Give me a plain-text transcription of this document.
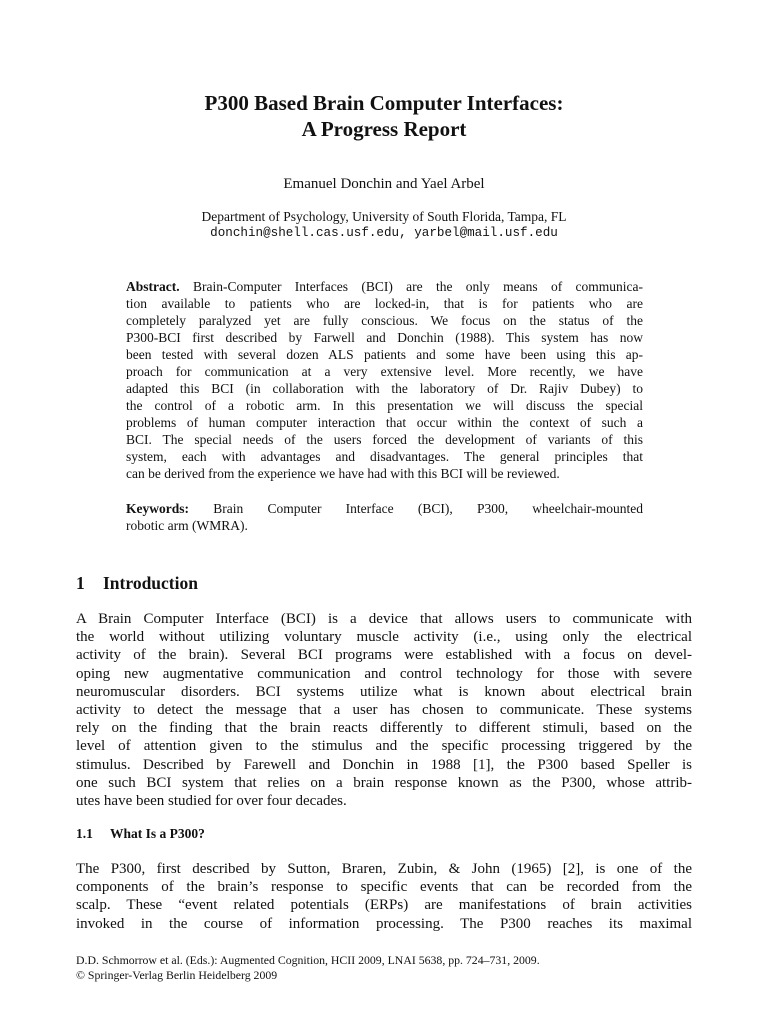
P300 Based Brain Computer Interfaces:
A Progress Report
Emanuel Donchin and Yael Arbel
Department of Psychology, University of South Florida, Tampa, FL
donchin@shell.cas.usf.edu, yarbel@mail.usf.edu
Abstract. Brain-Computer Interfaces (BCI) are the only means of communica-
tion available to patients who are locked-in, that is for patients who are
completely paralyzed yet are fully conscious. We focus on the status of the
P300-BCI first described by Farwell and Donchin (1988). This system has now
been tested with several dozen ALS patients and some have been using this ap-
proach for communication at a very extensive level. More recently, we have
adapted this BCI (in collaboration with the laboratory of Dr. Rajiv Dubey) to
the control of a robotic arm. In this presentation we will discuss the special
problems of human computer interaction that occur within the context of such a
BCI. The special needs of the users forced the development of variants of this
system, each with advantages and disadvantages. The general principles that
can be derived from the experience we have had with this BCI will be reviewed.
Keywords: Brain Computer Interface (BCI), P300, wheelchair-mounted
robotic arm (WMRA).
1 Introduction
A Brain Computer Interface (BCI) is a device that allows users to communicate with
the world without utilizing voluntary muscle activity (i.e., using only the electrical
activity of the brain). Several BCI programs were established with a focus on devel-
oping new augmentative communication and control technology for those with severe
neuromuscular disorders. BCI systems utilize what is known about electrical brain
activity to detect the message that a user has chosen to communicate. These systems
rely on the finding that the brain reacts differently to different stimuli, based on the
level of attention given to the stimulus and the specific processing triggered by the
stimulus. Described by Farewell and Donchin in 1988 [1], the P300 based Speller is
one such BCI system that relies on a brain response known as the P300, whose attrib-
utes have been studied for over four decades.
1.1 What Is a P300?
The P300, first described by Sutton, Braren, Zubin, & John (1965) [2], is one of the
components of the brain’s response to specific events that can be recorded from the
scalp. These “event related potentials (ERPs) are manifestations of brain activities
invoked in the course of information processing. The P300 reaches its maximal
D.D. Schmorrow et al. (Eds.): Augmented Cognition, HCII 2009, LNAI 5638, pp. 724–731, 2009.
© Springer-Verlag Berlin Heidelberg 2009
